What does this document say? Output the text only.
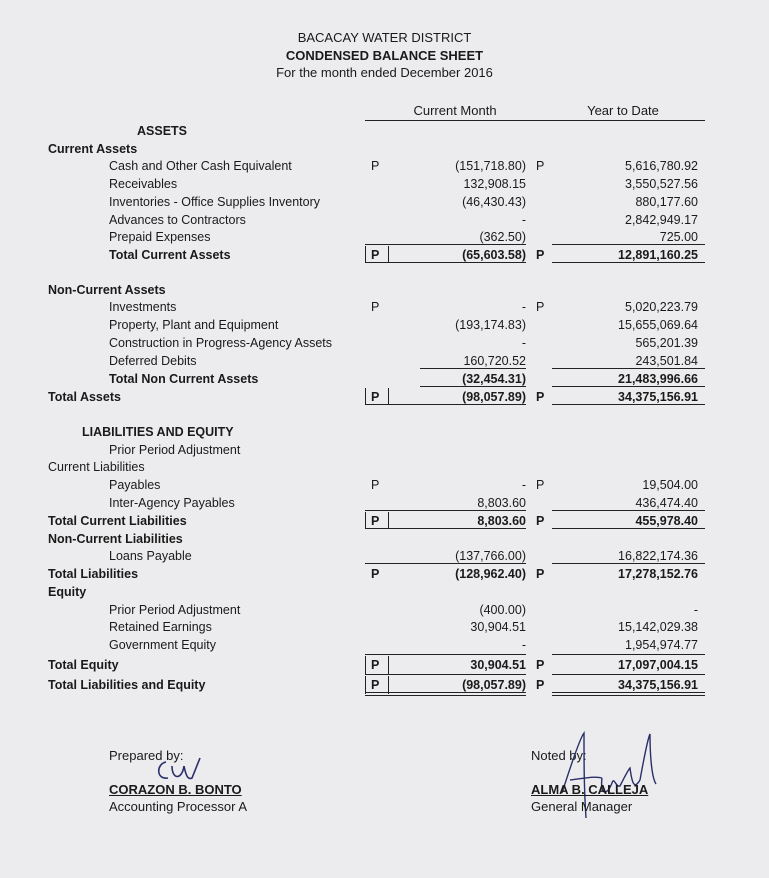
BACACAY WATER DISTRICT
CONDENSED BALANCE SHEET
For the month ended December 2016
Current Month	Year to Date
ASSETS
Current Assets
Cash and Other Cash Equivalent	P	(151,718.80) P	5,616,780.92
Receivables	132,908.15	3,550,527.56
Inventories - Office Supplies Inventory	(46,430.43)	880,177.60
Advances to Contractors	-	2,842,949.17
Prepaid Expenses	(362.50)	725.00
Total Current Assets	P	(65,603.58) P	12,891,160.25
Non-Current Assets
Investments	P	- P	5,020,223.79
Property, Plant and Equipment	(193,174.83)	15,655,069.64
Construction in Progress-Agency Assets	-	565,201.39
Deferred Debits	160,720.52	243,501.84
Total Non Current Assets	(32,454.31)	21,483,996.66
Total Assets	P	(98,057.89) P	34,375,156.91
LIABILITIES AND EQUITY
Prior Period Adjustment
Current Liabilities
Payables	P	- P	19,504.00
Inter-Agency Payables	8,803.60	436,474.40
Total Current Liabilities	P	8,803.60 P	455,978.40
Non-Current Liabilities
Loans Payable	(137,766.00)	16,822,174.36
Total Liabilities	P	(128,962.40) P	17,278,152.76
Equity
Prior Period Adjustment	(400.00)	-
Retained Earnings	30,904.51	15,142,029.38
Government Equity	-	1,954,974.77
Total Equity	P	30,904.51 P	17,097,004.15
Total Liabilities and Equity	P	(98,057.89) P	34,375,156.91
Prepared by:
CORAZON B. BONTO
Accounting Processor A
Noted by:
ALMA B. CALLEJA
General Manager
